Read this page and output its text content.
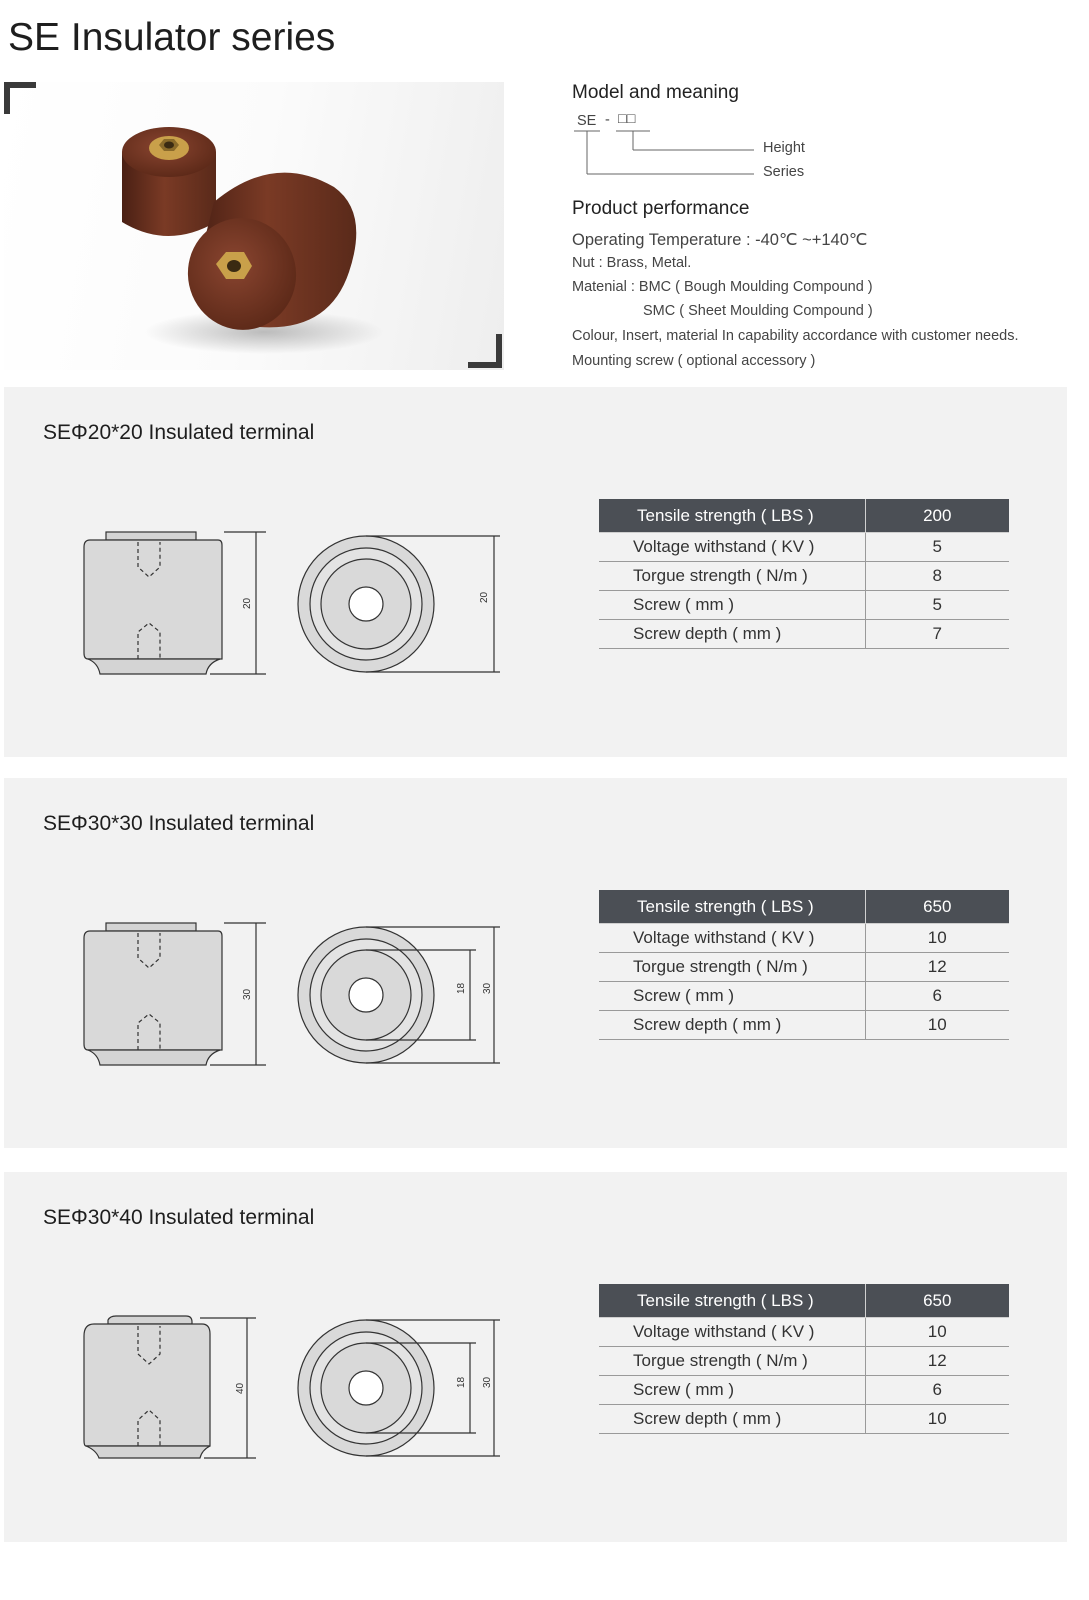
SE Insulator series
Model and meaning
SE - □□
Height
Series
Product performance
Operating Temperature : -40℃ ~+140℃
Nut : Brass, Metal.
Matenial : BMC ( Bough Moulding Compound )
SMC ( Sheet Moulding Compound )
Colour, Insert, material In capability accordance with customer needs.
Mounting screw ( optional accessory )
SEΦ20*20 Insulated terminal
20
20
Tensile strength ( LBS )	200
Voltage withstand ( KV )	5
Torgue strength ( N/m )	8
Screw ( mm )	5
Screw depth ( mm )	7
SEΦ30*30 Insulated terminal
30
18 30
Tensile strength ( LBS )	650
Voltage withstand ( KV )	10
Torgue strength ( N/m )	12
Screw ( mm )	6
Screw depth ( mm )	10
SEΦ30*40 Insulated terminal
40
18 30
Tensile strength ( LBS )	650
Voltage withstand ( KV )	10
Torgue strength ( N/m )	12
Screw ( mm )	6
Screw depth ( mm )	10
